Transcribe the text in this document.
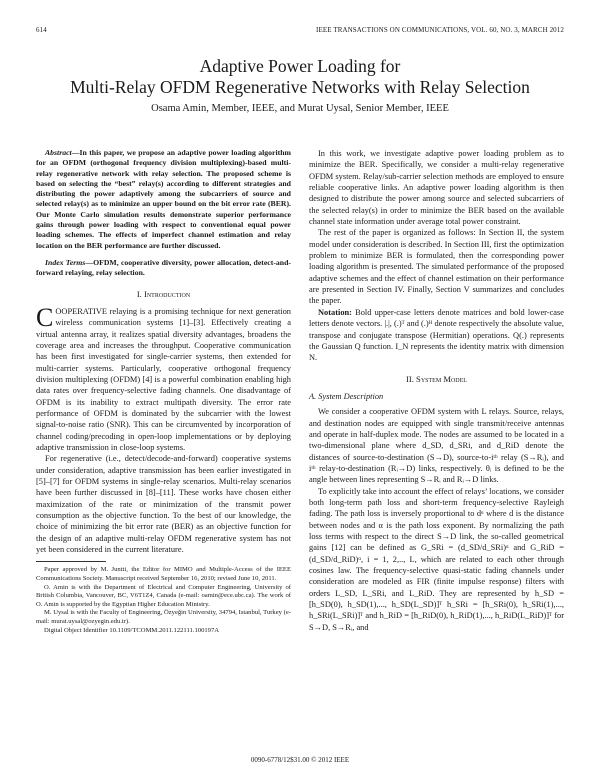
614	IEEE TRANSACTIONS ON COMMUNICATIONS, VOL. 60, NO. 3, MARCH 2012
Adaptive Power Loading for
Multi-Relay OFDM Regenerative Networks with Relay Selection
Osama Amin, Member, IEEE, and Murat Uysal, Senior Member, IEEE
Abstract—In this paper, we propose an adaptive power loading algorithm for an OFDM (orthogonal frequency division multiplexing)-based multi-relay regenerative network with relay selection. The proposed scheme is based on selecting the “best” relay(s) according to different strategies and distributing the power adaptively among the subcarriers of source and selected relay(s) as to minimize an upper bound on the bit error rate (BER). Our Monte Carlo simulation results demonstrate superior performance gains through power loading with respect to conventional equal power loading schemes. The effects of imperfect channel estimation and relay location on the BER performance are further discussed.
Index Terms—OFDM, cooperative diversity, power allocation, detect-and-forward relaying, relay selection.
I. Introduction

COOPERATIVE relaying is a promising technique for next generation wireless communication systems [1]–[3]. Effectively creating a virtual antenna array, it realizes spatial diversity advantages, broadens the coverage area and increases the throughput. Cooperative communication has been first investigated for single-carrier systems, then extended for multi-carrier systems. Particularly, cooperative orthogonal frequency division multiplexing (OFDM) [4] is a powerful combination enabling high data rates over frequency-selective fading channels. One disadvantage of OFDM is its inability to extract multipath diversity. The error rate performance of OFDM is dominated by the subcarrier with the lowest signal-to-noise ratio (SNR). This can be circumvented by incorporation of channel coding/precoding in open-loop implementations or by deploying adaptive transmission in close-loop systems.

For regenerative (i.e., detect/decode-and-forward) cooperative systems under consideration, adaptive transmission has been earlier investigated in [5]–[7] for OFDM systems in single-relay scenarios. Multi-relay scenarios have been further discussed in [8]–[11]. These works have chosen either maximization of the rate or minimization of the transmit power consumption as the objective function. To the best of our knowledge, the choice of minimizing the bit error rate (BER) as an objective function for the design of an adaptive multi-relay OFDM regenerative system has not yet been considered in the current literature.

Paper approved by M. Juntti, the Editor for MIMO and Multiple-Access of the IEEE Communications Society. Manuscript received September 16, 2010; revised June 10, 2011.

O. Amin is with the Department of Electrical and Computer Engineering, University of British Columbia, Vancouver, BC, V6T1Z4, Canada (e-mail: oamin@ece.ubc.ca). The work of O. Amin is supported by the Egyptian Higher Education Ministry.

M. Uysal is with the Faculty of Engineering, Özyeğin University, 34794, Istanbul, Turkey (e-mail: murat.uysal@ozyegin.edu.tr).

Digital Object Identifier 10.1109/TCOMM.2011.122111.100197A

In this work, we investigate adaptive power loading problem as to minimize the BER. Specifically, we consider a multi-relay regenerative OFDM system. Relay/sub-carrier selection methods are employed to ensure reliable cooperative links. An adaptive power loading algorithm is then designed to distribute the power among source and selected subcarriers of the selected relay(s) in order to minimize the BER based on the available channel state information under average total power constraint.

The rest of the paper is organized as follows: In Section II, the system model under consideration is described. In Section III, first the optimization problem to minimize BER is formulated, then the corresponding power loading algorithm is presented. The simulated performance of the proposed adaptive schemes and the effect of channel estimation on their performance are presented in Section IV. Finally, Section V summarizes and concludes the paper.

Notation: Bold upper-case letters denote matrices and bold lower-case letters denote vectors. |.|, (.)ᵀ and (.)ᴴ denote respectively the absolute value, transpose and conjugate transpose (Hermitian) operations. Q(.) represents the Gaussian Q function. I_N represents the identity matrix with dimension N.

II. System Model
A. System Description

We consider a cooperative OFDM system with L relays. Source, relays, and destination nodes are equipped with single transmit/receive antennas and operate in half-duplex mode. The nodes are assumed to be located in a two-dimensional plane where d_SD, d_SRi, and d_RiD denote the distances of source-to-destination (S→D), source-to-iᵗʰ relay (S→Rᵢ), and iᵗʰ relay-to-destination (Rᵢ→D) links, respectively. θᵢ is defined to be the angle between lines representing S→Rᵢ and Rᵢ→D links.

To explicitly take into account the effect of relays’ locations, we consider both long-term path loss and short-term frequency-selective Rayleigh fading. The path loss is inversely proportional to dᵅ where d is the distance between nodes and α is the path loss exponent. By normalizing the path loss terms with respect to the direct S→D link, the so-called geometrical gains [12] can be defined as G_SRi = (d_SD/d_SRi)ᵅ and G_RiD = (d_SD/d_RiD)ᵅ, i = 1, 2,.., L, which are related to each other through cosines law. The frequency-selective quasi-static fading channels under consideration are modeled as FIR (finite impulse response) filters with orders L_SD, L_SRi, and L_RiD. They are represented by h_SD = [h_SD(0), h_SD(1),..., h_SD(L_SD)]ᵀ h_SRi = [h_SRi(0), h_SRi(1),..., h_SRi(L_SRi)]ᵀ and h_RiD = [h_RiD(0), h_RiD(1),..., h_RiD(L_RiD)]ᵀ for S→D, S→Rᵢ, and

0090-6778/12$31.00 © 2012 IEEE
